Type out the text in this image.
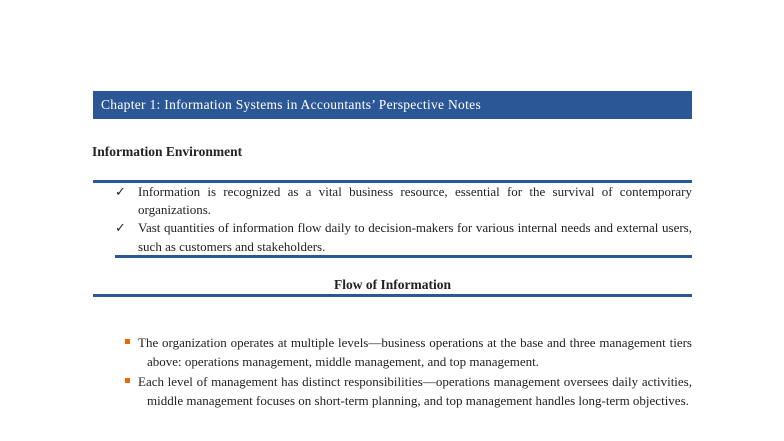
Chapter 1: Information Systems in Accountants’ Perspective Notes
Information Environment
✓ Information is recognized as a vital business resource, essential for the survival of contemporary organizations.
✓ Vast quantities of information flow daily to decision-makers for various internal needs and external users, such as customers and stakeholders.
Flow of Information
The organization operates at multiple levels—business operations at the base and three management tiers above: operations management, middle management, and top management.
Each level of management has distinct responsibilities—operations management oversees daily activities, middle management focuses on short-term planning, and top management handles long-term objectives.
